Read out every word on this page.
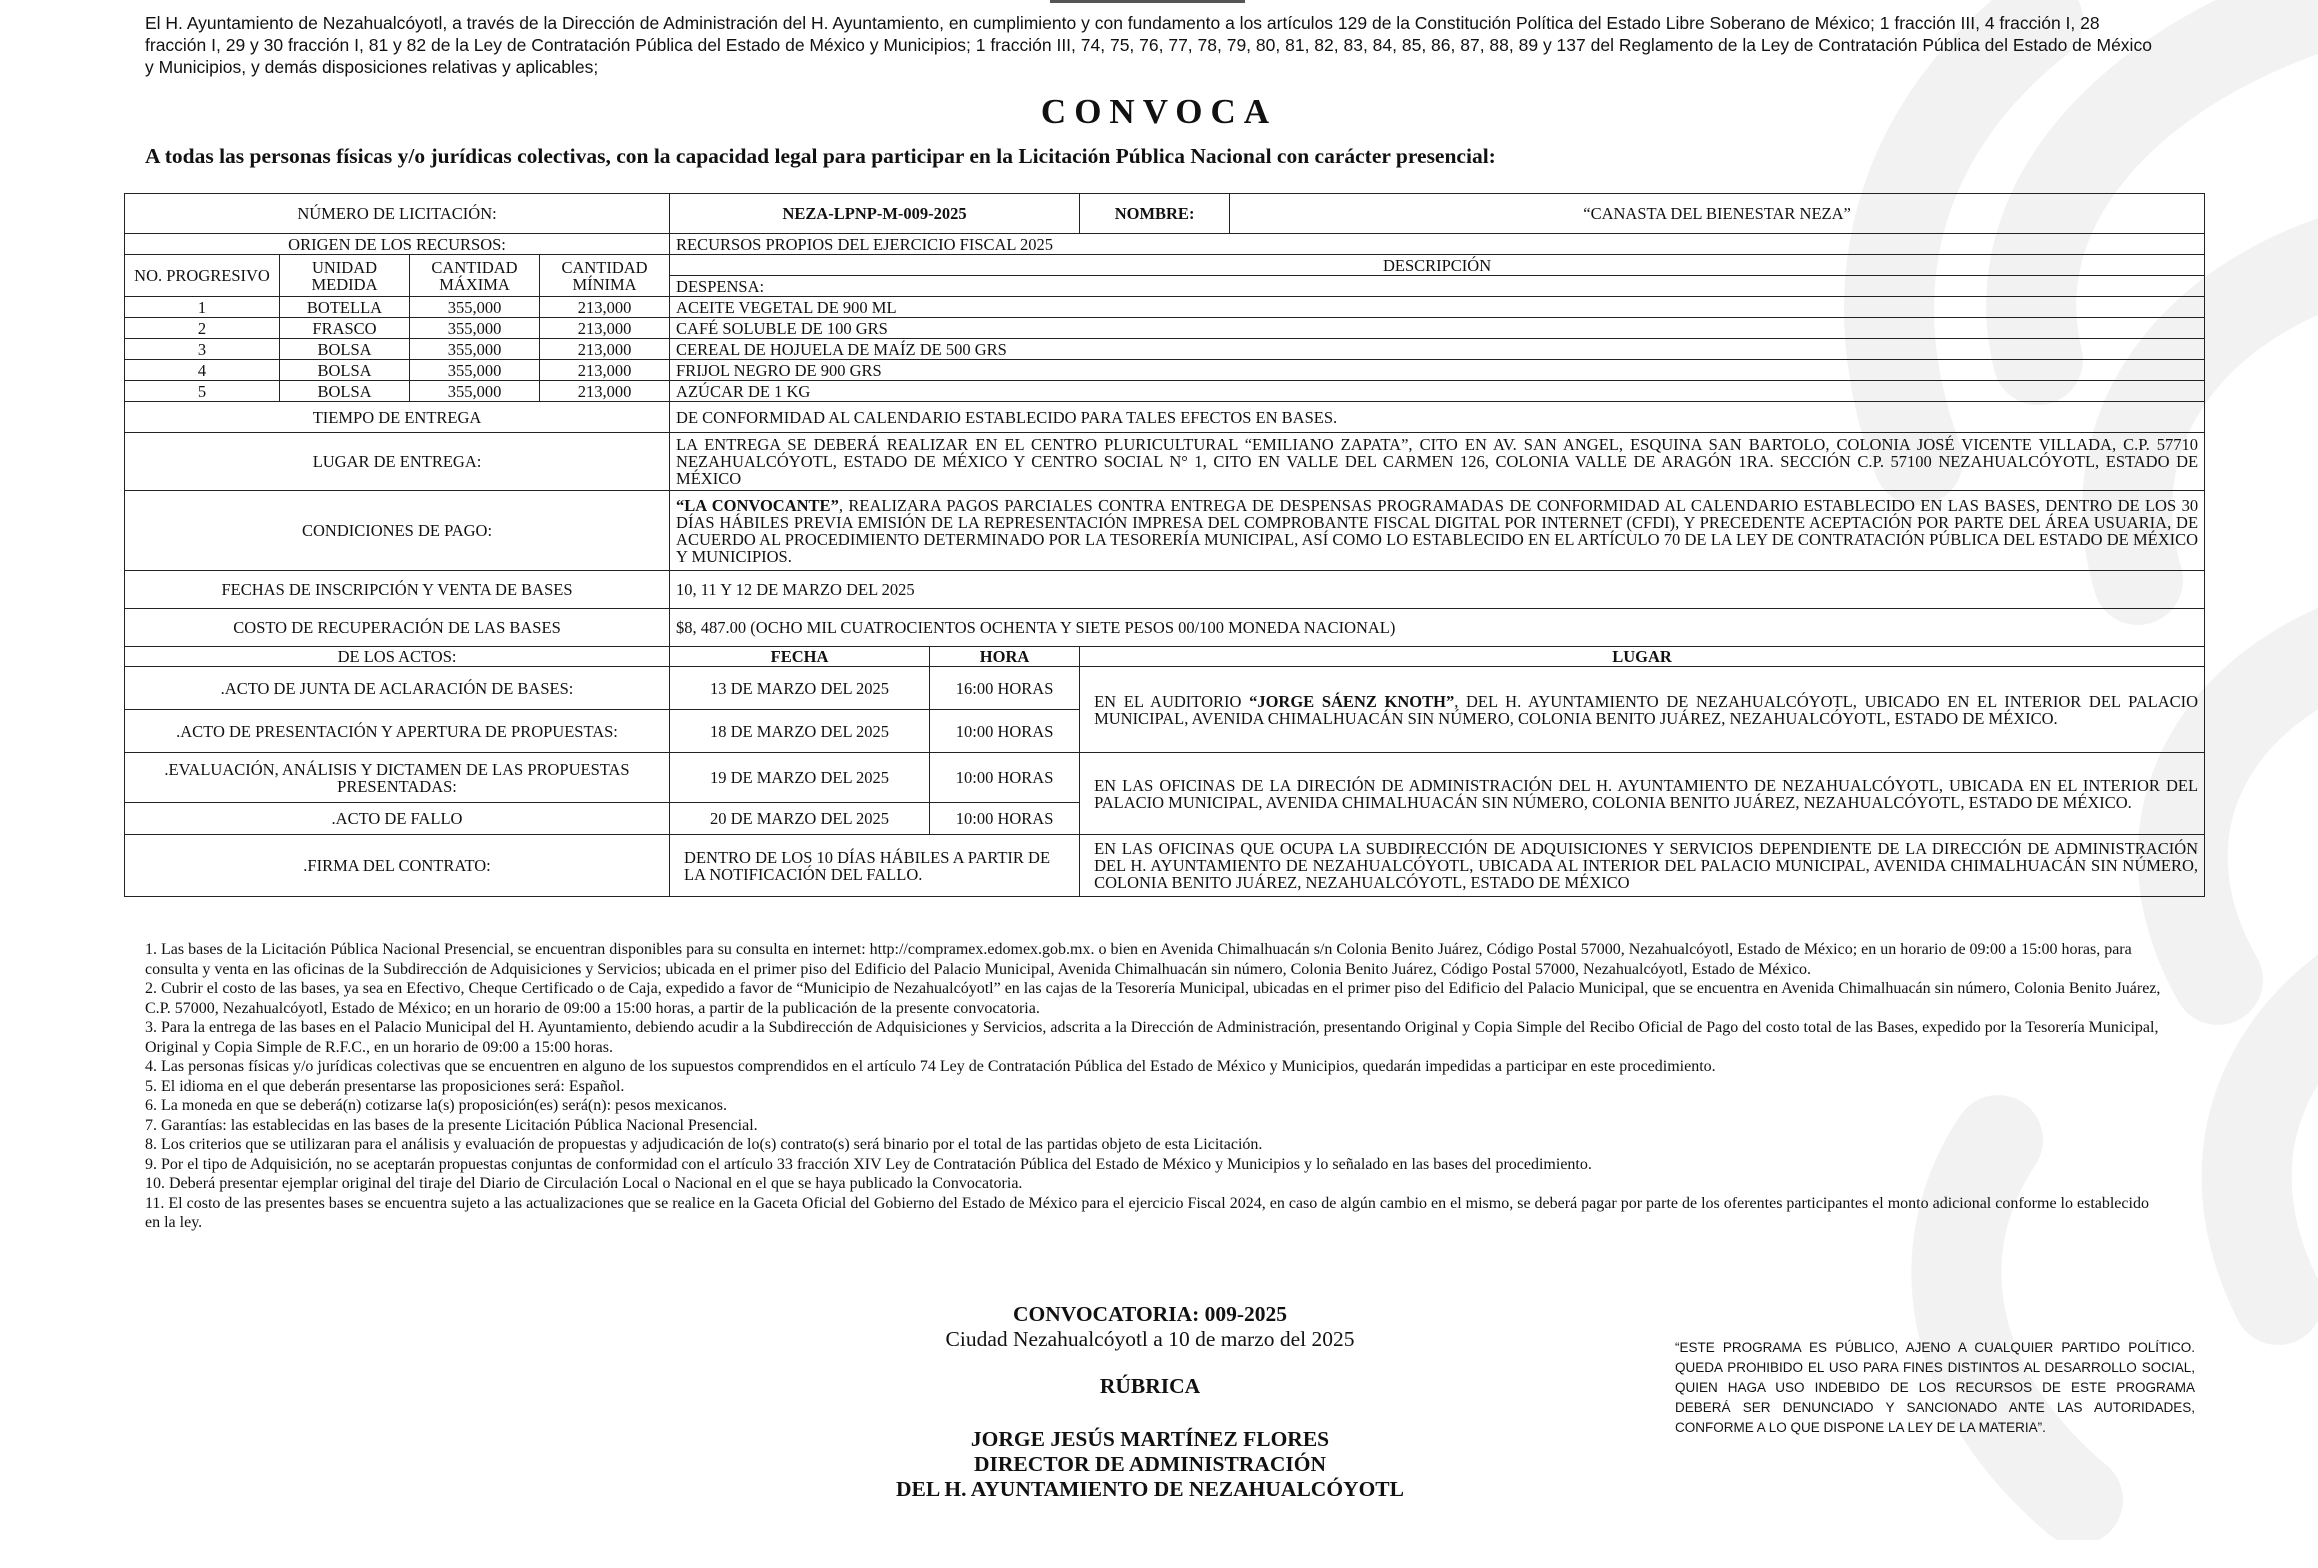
El H. Ayuntamiento de Nezahualcóyotl, a través de la Dirección de Administración del H. Ayuntamiento, en cumplimiento y con fundamento a los artículos 129 de la Constitución Política del Estado Libre Soberano de México; 1 fracción III, 4 fracción I, 28 fracción I, 29 y 30 fracción I, 81 y 82 de la Ley de Contratación Pública del Estado de México y Municipios; 1 fracción III, 74, 75, 76, 77, 78, 79, 80, 81, 82, 83, 84, 85, 86, 87, 88, 89 y 137 del Reglamento de la Ley de Contratación Pública del Estado de México y Municipios, y demás disposiciones relativas y aplicables;
CONVOCA
A todas las personas físicas y/o jurídicas colectivas, con la capacidad legal para participar en la Licitación Pública Nacional con carácter presencial:
NÚMERO DE LICITACIÓN:				NEZA-LPNP-M-009-2025		NOMBRE:	“CANASTA DEL BIENESTAR NEZA”
ORIGEN DE LOS RECURSOS:				RECURSOS PROPIOS DEL EJERCICIO FISCAL 2025			
NO. PROGRESIVO	UNIDAD MEDIDA	CANTIDAD MÁXIMA	CANTIDAD MÍNIMA	DESCRIPCIÓN			
				DESPENSA:			
1	BOTELLA	355,000	213,000	ACEITE VEGETAL DE 900 ML			
2	FRASCO	355,000	213,000	CAFÉ SOLUBLE DE 100 GRS			
3	BOLSA	355,000	213,000	CEREAL DE HOJUELA DE MAÍZ DE 500 GRS			
4	BOLSA	355,000	213,000	FRIJOL NEGRO DE 900 GRS			
5	BOLSA	355,000	213,000	AZÚCAR DE 1 KG			
TIEMPO DE ENTREGA				DE CONFORMIDAD AL CALENDARIO ESTABLECIDO PARA TALES EFECTOS EN BASES.			
LUGAR DE ENTREGA:				LA ENTREGA SE DEBERÁ REALIZAR EN EL CENTRO PLURICULTURAL “EMILIANO ZAPATA”, CITO EN AV. SAN ANGEL, ESQUINA SAN BARTOLO, COLONIA JOSÉ VICENTE VILLADA, C.P. 57710 NEZAHUALCÓYOTL, ESTADO DE MÉXICO Y CENTRO SOCIAL N° 1, CITO EN VALLE DEL CARMEN 126, COLONIA VALLE DE ARAGÓN 1RA. SECCIÓN C.P. 57100 NEZAHUALCÓYOTL, ESTADO DE MÉXICO			
CONDICIONES DE PAGO:				“LA CONVOCANTE”, REALIZARA PAGOS PARCIALES CONTRA ENTREGA DE DESPENSAS PROGRAMADAS DE CONFORMIDAD AL CALENDARIO ESTABLECIDO EN LAS BASES, DENTRO DE LOS 30 DÍAS HÁBILES PREVIA EMISIÓN DE LA REPRESENTACIÓN IMPRESA DEL COMPROBANTE FISCAL DIGITAL POR INTERNET (CFDI), Y PRECEDENTE ACEPTACIÓN POR PARTE DEL ÁREA USUARIA, DE ACUERDO AL PROCEDIMIENTO DETERMINADO POR LA TESORERÍA MUNICIPAL, ASÍ COMO LO ESTABLECIDO EN EL ARTÍCULO 70 DE LA LEY DE CONTRATACIÓN PÚBLICA DEL ESTADO DE MÉXICO Y MUNICIPIOS.			
FECHAS DE INSCRIPCIÓN Y VENTA DE BASES				10, 11 Y 12 DE MARZO DEL 2025			
COSTO DE RECUPERACIÓN DE LAS BASES				$8, 487.00 (OCHO MIL CUATROCIENTOS OCHENTA Y SIETE PESOS 00/100 MONEDA NACIONAL)			
DE LOS ACTOS:				FECHA	HORA	LUGAR	
.ACTO DE JUNTA DE ACLARACIÓN DE BASES:				13 DE MARZO DEL 2025	16:00 HORAS	EN EL AUDITORIO “JORGE SÁENZ KNOTH”, DEL H. AYUNTAMIENTO DE NEZAHUALCÓYOTL, UBICADO EN EL INTERIOR DEL PALACIO MUNICIPAL, AVENIDA CHIMALHUACÁN SIN NÚMERO, COLONIA BENITO JUÁREZ, NEZAHUALCÓYOTL, ESTADO DE MÉXICO.	
.ACTO DE PRESENTACIÓN Y APERTURA DE PROPUESTAS:				18 DE MARZO DEL 2025	10:00 HORAS		
.EVALUACIÓN, ANÁLISIS Y DICTAMEN DE LAS PROPUESTAS PRESENTADAS:				19 DE MARZO DEL 2025	10:00 HORAS	EN LAS OFICINAS DE LA DIRECIÓN DE ADMINISTRACIÓN DEL H. AYUNTAMIENTO DE NEZAHUALCÓYOTL, UBICADA EN EL INTERIOR DEL PALACIO MUNICIPAL, AVENIDA CHIMALHUACÁN SIN NÚMERO, COLONIA BENITO JUÁREZ, NEZAHUALCÓYOTL, ESTADO DE MÉXICO.	
.ACTO DE FALLO				20 DE MARZO DEL 2025	10:00 HORAS		
.FIRMA DEL CONTRATO:				DENTRO DE LOS 10 DÍAS HÁBILES A PARTIR DE LA NOTIFICACIÓN DEL FALLO.		EN LAS OFICINAS QUE OCUPA LA SUBDIRECCIÓN DE ADQUISICIONES Y SERVICIOS DEPENDIENTE DE LA DIRECCIÓN DE ADMINISTRACIÓN DEL H. AYUNTAMIENTO DE NEZAHUALCÓYOTL, UBICADA AL INTERIOR DEL PALACIO MUNICIPAL, AVENIDA CHIMALHUACÁN SIN NÚMERO, COLONIA BENITO JUÁREZ, NEZAHUALCÓYOTL, ESTADO DE MÉXICO	
1. Las bases de la Licitación Pública Nacional Presencial, se encuentran disponibles para su consulta en internet: http://compramex.edomex.gob.mx. o bien en Avenida Chimalhuacán s/n Colonia Benito Juárez, Código Postal 57000, Nezahualcóyotl, Estado de México; en un horario de 09:00 a 15:00 horas, para consulta y venta en las oficinas de la Subdirección de Adquisiciones y Servicios; ubicada en el primer piso del Edificio del Palacio Municipal, Avenida Chimalhuacán sin número, Colonia Benito Juárez, Código Postal 57000, Nezahualcóyotl, Estado de México.
2. Cubrir el costo de las bases, ya sea en Efectivo, Cheque Certificado o de Caja, expedido a favor de “Municipio de Nezahualcóyotl” en las cajas de la Tesorería Municipal, ubicadas en el primer piso del Edificio del Palacio Municipal, que se encuentra en Avenida Chimalhuacán sin número, Colonia Benito Juárez, C.P. 57000, Nezahualcóyotl, Estado de México; en un horario de 09:00 a 15:00 horas, a partir de la publicación de la presente convocatoria.
3. Para la entrega de las bases en el Palacio Municipal del H. Ayuntamiento, debiendo acudir a la Subdirección de Adquisiciones y Servicios, adscrita a la Dirección de Administración, presentando Original y Copia Simple del Recibo Oficial de Pago del costo total de las Bases, expedido por la Tesorería Municipal, Original y Copia Simple de R.F.C., en un horario de 09:00 a 15:00 horas.
4. Las personas físicas y/o jurídicas colectivas que se encuentren en alguno de los supuestos comprendidos en el artículo 74 Ley de Contratación Pública del Estado de México y Municipios, quedarán impedidas a participar en este procedimiento.
5. El idioma en el que deberán presentarse las proposiciones será: Español.
6. La moneda en que se deberá(n) cotizarse la(s) proposición(es) será(n): pesos mexicanos.
7. Garantías: las establecidas en las bases de la presente Licitación Pública Nacional Presencial.
8. Los criterios que se utilizaran para el análisis y evaluación de propuestas y adjudicación de lo(s) contrato(s) será binario por el total de las partidas objeto de esta Licitación.
9. Por el tipo de Adquisición, no se aceptarán propuestas conjuntas de conformidad con el artículo 33 fracción XIV Ley de Contratación Pública del Estado de México y Municipios y lo señalado en las bases del procedimiento.
10. Deberá presentar ejemplar original del tiraje del Diario de Circulación Local o Nacional en el que se haya publicado la Convocatoria.
11. El costo de las presentes bases se encuentra sujeto a las actualizaciones que se realice en la Gaceta Oficial del Gobierno del Estado de México para el ejercicio Fiscal 2024, en caso de algún cambio en el mismo, se deberá pagar por parte de los oferentes participantes el monto adicional conforme lo establecido en la ley.
CONVOCATORIA: 009-2025
Ciudad Nezahualcóyotl a 10 de marzo del 2025
RÚBRICA
JORGE JESÚS MARTÍNEZ FLORES
DIRECTOR DE ADMINISTRACIÓN
DEL H. AYUNTAMIENTO DE NEZAHUALCÓYOTL
“ESTE PROGRAMA ES PÚBLICO, AJENO A CUALQUIER PARTIDO POLÍTICO. QUEDA PROHIBIDO EL USO PARA FINES DISTINTOS AL DESARROLLO SOCIAL, QUIEN HAGA USO INDEBIDO DE LOS RECURSOS DE ESTE PROGRAMA DEBERÁ SER DENUNCIADO Y SANCIONADO ANTE LAS AUTORIDADES, CONFORME A LO QUE DISPONE LA LEY DE LA MATERIA”.
